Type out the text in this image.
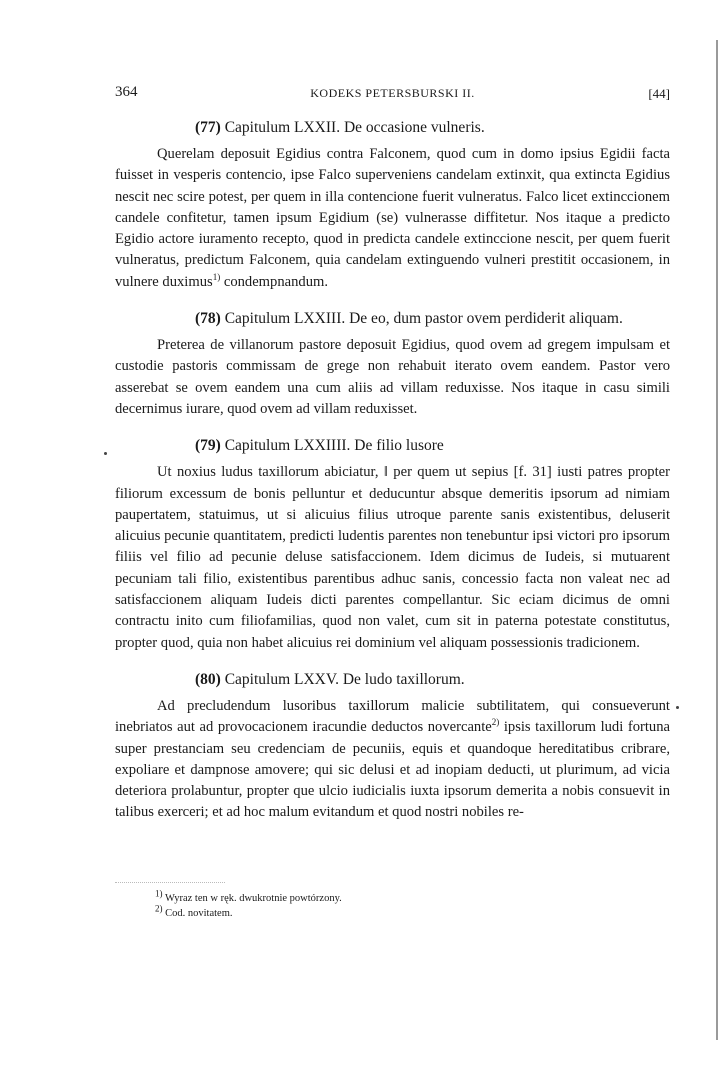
364	KODEKS PETERSBURSKI II.	[44]

(77) Capitulum LXXII. De occasione vulneris.

Querelam deposuit Egidius contra Falconem, quod cum in domo ipsius Egidii facta fuisset in vesperis contencio, ipse Falco superveniens candelam extinxit, qua extincta Egidius nescit nec scire potest, per quem in illa contencione fuerit vulneratus. Falco licet extinccionem candele confitetur, tamen ipsum Egidium (se) vulnerasse diffitetur. Nos itaque a predicto Egidio actore iuramento recepto, quod in predicta candele extinccione nescit, per quem fuerit vulneratus, predictum Falconem, quia candelam extinguendo vulneri prestitit occasionem, in vulnere duximus$^{1)}$ condempnandum.

(78) Capitulum LXXIII. De eo, dum pastor ovem perdiderit aliquam.

Preterea de villanorum pastore deposuit Egidius, quod ovem ad gregem impulsam et custodie pastoris commissam de grege non rehabuit iterato ovem eandem. Pastor vero asserebat se ovem eandem una cum aliis ad villam reduxisse. Nos itaque in casu simili decernimus iurare, quod ovem ad villam reduxisset.

(79) Capitulum LXXIIII. De filio lusore

Ut noxius ludus taxillorum abiciatur, ‖ per quem ut sepius [f. 31] iusti patres propter filiorum excessum de bonis pelluntur et deducuntur absque demeritis ipsorum ad nimiam paupertatem, statuimus, ut si alicuius filius utroque parente sanis existentibus, deluserit alicuius pecunie quantitatem, predicti ludentis parentes non tenebuntur ipsi victori pro ipsorum filiis vel filio ad pecunie deluse satisfaccionem. Idem dicimus de Iudeis, si mutuarent pecuniam tali filio, existentibus parentibus adhuc sanis, concessio facta non valeat nec ad satisfaccionem aliquam Iudeis dicti parentes compellantur. Sic eciam dicimus de omni contractu inito cum filiofamilias, quod non valet, cum sit in paterna potestate constitutus, propter quod, quia non habet alicuius rei dominium vel aliquam possessionis tradicionem.

(80) Capitulum LXXV. De ludo taxillorum.

Ad precludendum lusoribus taxillorum malicie subtilitatem, qui consueverunt inebriatos aut ad provocacionem iracundie deductos novercante$^{2)}$ ipsis taxillorum ludi fortuna super prestanciam seu credenciam de pecuniis, equis et quandoque hereditatibus cribrare, expoliare et dampnose amovere; qui sic delusi et ad inopiam deducti, ut plurimum, ad vicia deteriora prolabuntur, propter que ulcio iudicialis iuxta ipsorum demerita a nobis consuevit in talibus exerceri; et ad hoc malum evitandum et quod nostri nobiles re-

$^{1)}$ Wyraz ten w ręk. dwukrotnie powtórzony.

$^{2)}$ Cod. novitatem.
